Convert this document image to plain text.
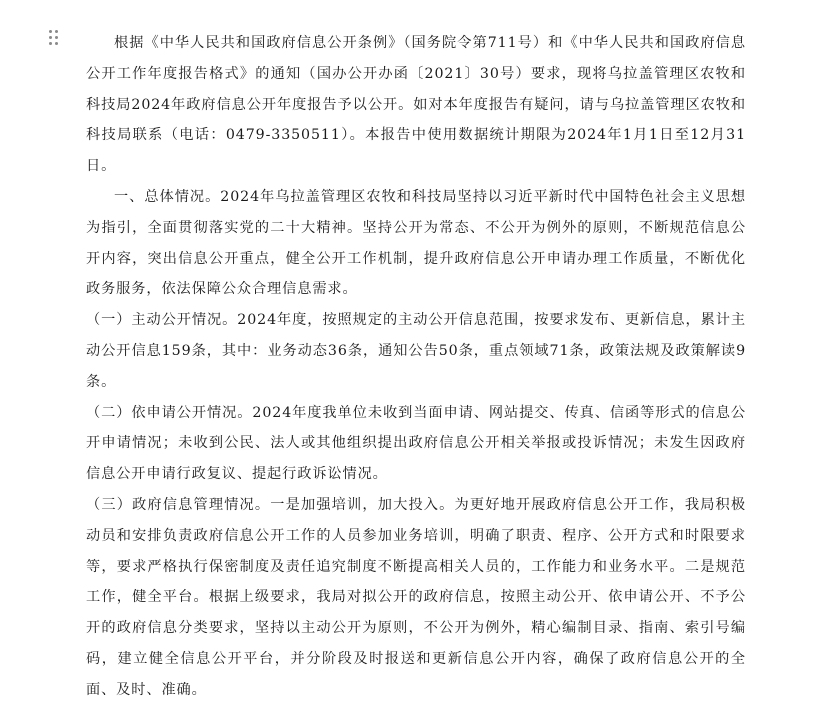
根据《中华人民共和国政府信息公开条例》（国务院令第711号）和《中华人民共和国政府信息公开工作年度报告格式》的通知（国办公开办函〔2021〕30号）要求，现将乌拉盖管理区农牧和科技局2024年政府信息公开年度报告予以公开。如对本年度报告有疑问，请与乌拉盖管理区农牧和科技局联系（电话：0479-3350511）。本报告中使用数据统计期限为2024年1月1日至12月31日。

一、总体情况。2024年乌拉盖管理区农牧和科技局坚持以习近平新时代中国特色社会主义思想为指引，全面贯彻落实党的二十大精神。坚持公开为常态、不公开为例外的原则，不断规范信息公开内容，突出信息公开重点，健全公开工作机制，提升政府信息公开申请办理工作质量，不断优化政务服务，依法保障公众合理信息需求。

（一）主动公开情况。2024年度，按照规定的主动公开信息范围，按要求发布、更新信息，累计主动公开信息159条，其中：业务动态36条，通知公告50条，重点领域71条，政策法规及政策解读9条。

（二）依申请公开情况。2024年度我单位未收到当面申请、网站提交、传真、信函等形式的信息公开申请情况；未收到公民、法人或其他组织提出政府信息公开相关举报或投诉情况；未发生因政府信息公开申请行政复议、提起行政诉讼情况。

（三）政府信息管理情况。一是加强培训，加大投入。为更好地开展政府信息公开工作，我局积极动员和安排负责政府信息公开工作的人员参加业务培训，明确了职责、程序、公开方式和时限要求等，要求严格执行保密制度及责任追究制度不断提高相关人员的，工作能力和业务水平。二是规范工作，健全平台。根据上级要求，我局对拟公开的政府信息，按照主动公开、依申请公开、不予公开的政府信息分类要求，坚持以主动公开为原则，不公开为例外，精心编制目录、指南、索引号编码，建立健全信息公开平台，并分阶段及时报送和更新信息公开内容，确保了政府信息公开的全面、及时、准确。
